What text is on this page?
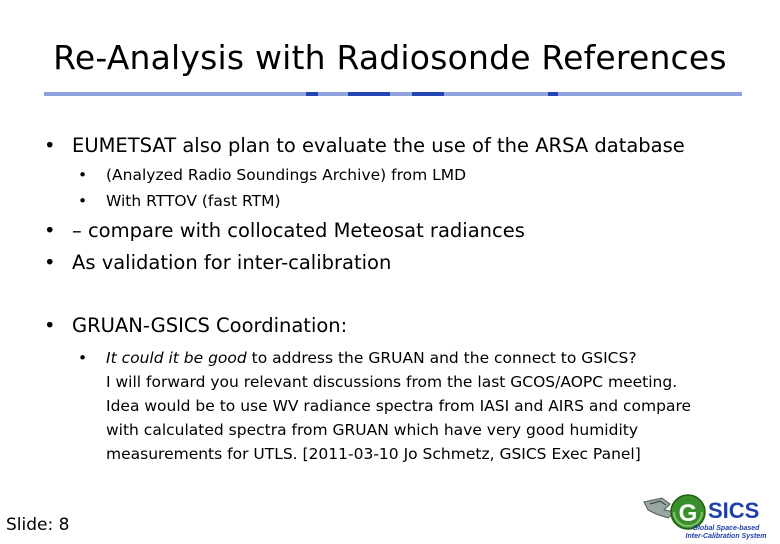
Re-Analysis with Radiosonde References
• EUMETSAT also plan to evaluate the use of the ARSA database
• (Analyzed Radio Soundings Archive) from LMD
• With RTTOV (fast RTM)
• – compare with collocated Meteosat radiances
• As validation for inter-calibration
• GRUAN-GSICS Coordination:
• It could it be good to address the GRUAN and the connect to GSICS?
I will forward you relevant discussions from the last GCOS/AOPC meeting.
Idea would be to use WV radiance spectra from IASI and AIRS and compare
with calculated spectra from GRUAN which have very good humidity
measurements for UTLS. [2011-03-10 Jo Schmetz, GSICS Exec Panel]
Slide: 8	G SICS
Global Space-based
Inter-Calibration System
